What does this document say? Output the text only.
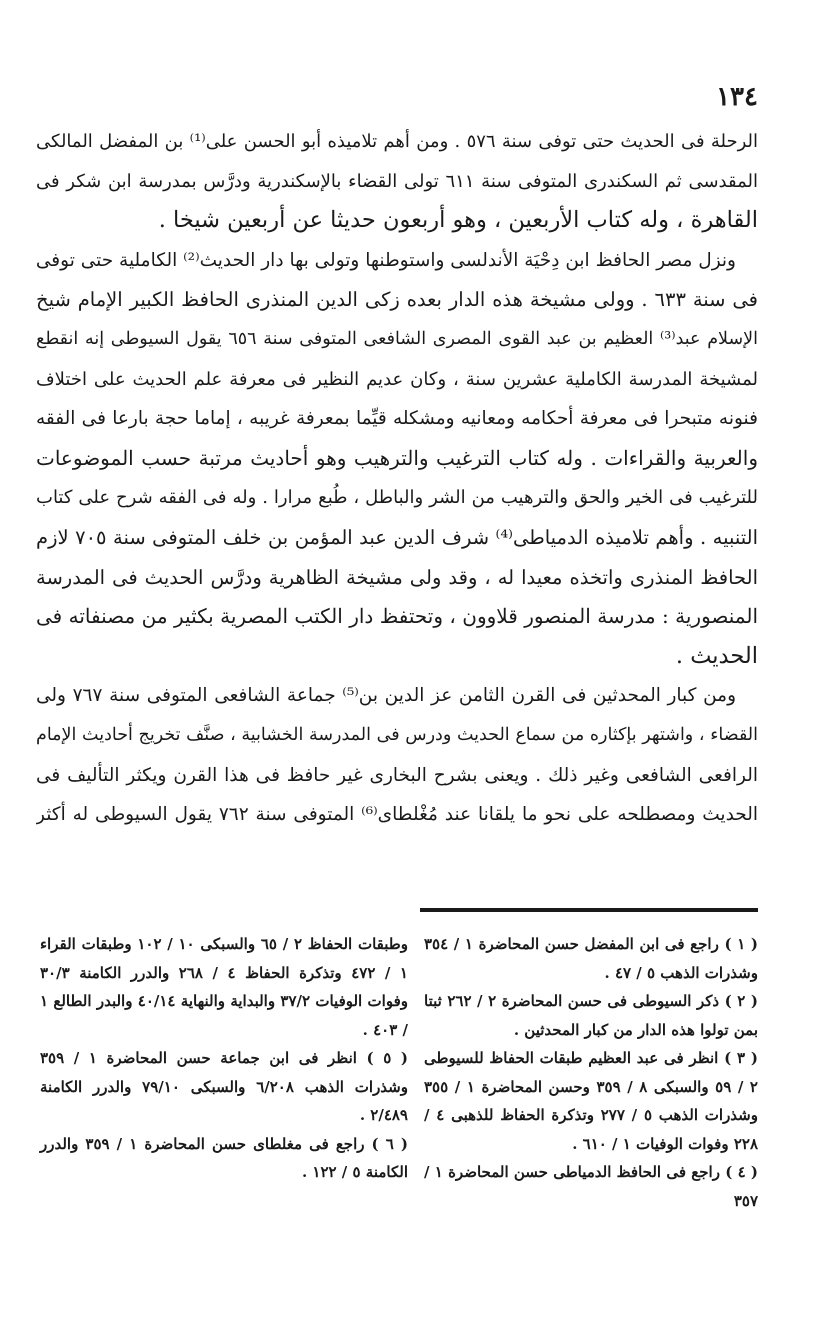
١٣٤
الرحلة فى الحديث حتى توفى سنة ٥٧٦ . ومن أهم تلاميذه أبو الحسن على⁽¹⁾ بن المفضل المالكى
المقدسى ثم السكندرى المتوفى سنة ٦١١ تولى القضاء بالإسكندرية ودرَّس بمدرسة ابن شكر فى
القاهرة ، وله كتاب الأربعين ، وهو أربعون حديثا عن أربعين شيخا .
ونزل مصر الحافظ ابن دِحْيَة الأندلسى واستوطنها وتولى بها دار الحديث⁽²⁾ الكاملية حتى توفى
فى سنة ٦٣٣ . وولى مشيخة هذه الدار بعده زكى الدين المنذرى الحافظ الكبير الإمام شيخ
الإسلام عبد⁽³⁾ العظيم بن عبد القوى المصرى الشافعى المتوفى سنة ٦٥٦ يقول السيوطى إنه انقطع
لمشيخة المدرسة الكاملية عشرين سنة ، وكان عديم النظير فى معرفة علم الحديث على اختلاف
فنونه متبحرا فى معرفة أحكامه ومعانيه ومشكله قيِّما بمعرفة غريبه ، إماما حجة بارعا فى الفقه
والعربية والقراءات . وله كتاب الترغيب والترهيب وهو أحاديث مرتبة حسب الموضوعات
للترغيب فى الخير والحق والترهيب من الشر والباطل ، طُبع مرارا . وله فى الفقه شرح على كتاب
التنبيه . وأهم تلاميذه الدمياطى⁽⁴⁾ شرف الدين عبد المؤمن بن خلف المتوفى سنة ٧٠٥ لازم
الحافظ المنذرى واتخذه معيدا له ، وقد ولى مشيخة الظاهرية ودرَّس الحديث فى المدرسة
المنصورية : مدرسة المنصور قلاوون ، وتحتفظ دار الكتب المصرية بكثير من مصنفاته فى
الحديث .
ومن كبار المحدثين فى القرن الثامن عز الدين بن⁽⁵⁾ جماعة الشافعى المتوفى سنة ٧٦٧ ولى
القضاء ، واشتهر بإكثاره من سماع الحديث ودرس فى المدرسة الخشابية ، صنَّف تخريج أحاديث الإمام
الرافعى الشافعى وغير ذلك . ويعنى بشرح البخارى غير حافظ فى هذا القرن ويكثر التأليف فى
الحديث ومصطلحه على نحو ما يلقانا عند مُغْلطاى⁽⁶⁾ المتوفى سنة ٧٦٢ يقول السيوطى له أكثر
( ١ ) راجع فى ابن المفضل حسن المحاضرة ١ / ٣٥٤ وشذرات الذهب ٥ / ٤٧ .
( ٢ ) ذكر السيوطى فى حسن المحاضرة ٢ / ٢٦٢ ثبتا بمن تولوا هذه الدار من كبار المحدثين .
( ٣ ) انظر فى عبد العظيم طبقات الحفاظ للسيوطى ٢ / ٥٩ والسبكى ٨ / ٣٥٩ وحسن المحاضرة ١ / ٣٥٥ وشذرات الذهب ٥ / ٢٧٧ وتذكرة الحفاظ للذهبى ٤ / ٢٢٨ وفوات الوفيات ١ / ٦١٠ .
( ٤ ) راجع فى الحافظ الدمياطى حسن المحاضرة ١ / ٣٥٧
وطبقات الحفاظ ٢ / ٦٥ والسبكى ١٠ / ١٠٢ وطبقات القراء ١ / ٤٧٢ وتذكرة الحفاظ ٤ / ٢٦٨ والدرر الكامنة ٣٠/٣ وفوات الوفيات ٣٧/٢ والبداية والنهاية ٤٠/١٤ والبدر الطالع ١ / ٤٠٣ .
( ٥ ) انظر فى ابن جماعة حسن المحاضرة ١ / ٣٥٩ وشذرات الذهب ٦/٢٠٨ والسبكى ٧٩/١٠ والدرر الكامنة ٢/٤٨٩ .
( ٦ ) راجع فى مغلطاى حسن المحاضرة ١ / ٣٥٩ والدرر الكامنة ٥ / ١٢٢ .
